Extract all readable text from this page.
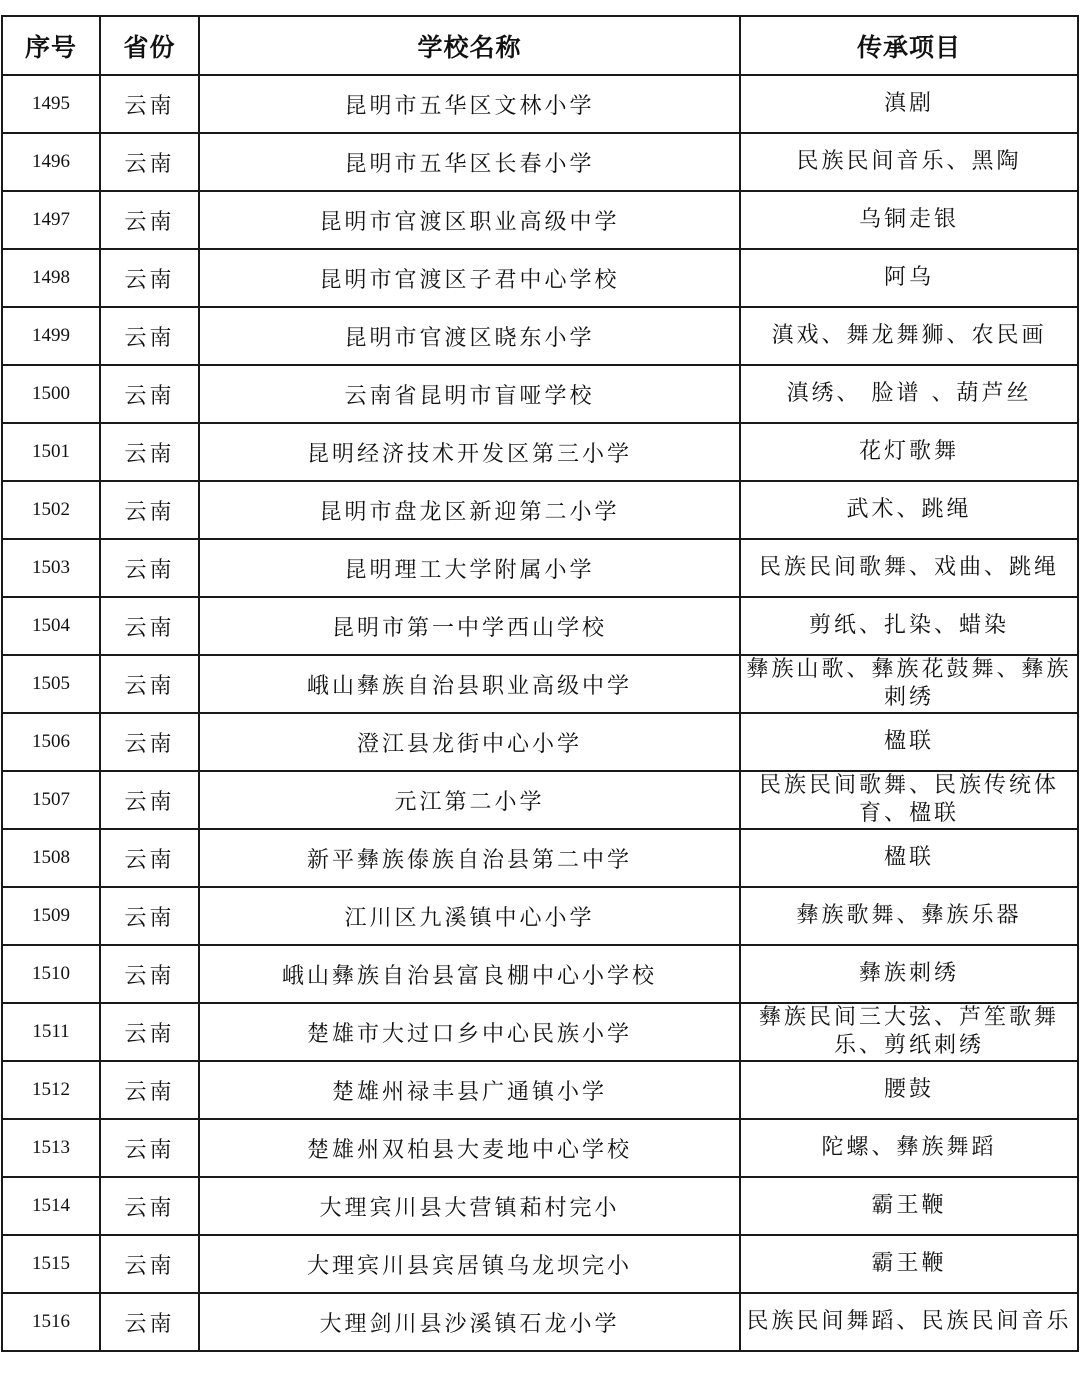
序号	省份	学校名称	传承项目
1495	云南	昆明市五华区文林小学	滇剧
1496	云南	昆明市五华区长春小学	民族民间音乐、黑陶
1497	云南	昆明市官渡区职业高级中学	乌铜走银
1498	云南	昆明市官渡区子君中心学校	阿乌
1499	云南	昆明市官渡区晓东小学	滇戏、舞龙舞狮、农民画
1500	云南	云南省昆明市盲哑学校	滇绣、 脸谱 、葫芦丝
1501	云南	昆明经济技术开发区第三小学	花灯歌舞
1502	云南	昆明市盘龙区新迎第二小学	武术、跳绳
1503	云南	昆明理工大学附属小学	民族民间歌舞、戏曲、跳绳
1504	云南	昆明市第一中学西山学校	剪纸、扎染、蜡染
1505	云南	峨山彝族自治县职业高级中学	彝族山歌、彝族花鼓舞、彝族刺绣
1506	云南	澄江县龙街中心小学	楹联
1507	云南	元江第二小学	民族民间歌舞、民族传统体育、楹联
1508	云南	新平彝族傣族自治县第二中学	楹联
1509	云南	江川区九溪镇中心小学	彝族歌舞、彝族乐器
1510	云南	峨山彝族自治县富良棚中心小学校	彝族刺绣
1511	云南	楚雄市大过口乡中心民族小学	彝族民间三大弦、芦笙歌舞乐、剪纸刺绣
1512	云南	楚雄州禄丰县广通镇小学	腰鼓
1513	云南	楚雄州双柏县大麦地中心学校	陀螺、彝族舞蹈
1514	云南	大理宾川县大营镇萂村完小	霸王鞭
1515	云南	大理宾川县宾居镇乌龙坝完小	霸王鞭
1516	云南	大理剑川县沙溪镇石龙小学	民族民间舞蹈、民族民间音乐
